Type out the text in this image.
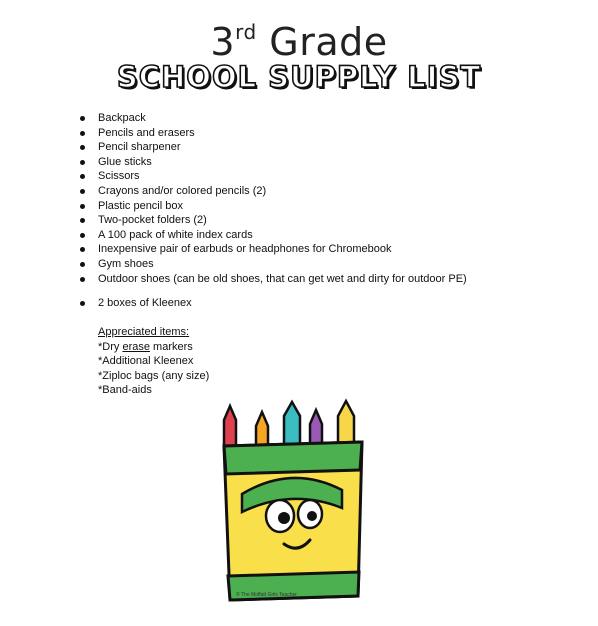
3rd Grade
SCHOOL SUPPLY LIST
Backpack
Pencils and erasers
Pencil sharpener
Glue sticks
Scissors
Crayons and/or colored pencils (2)
Plastic pencil box
Two-pocket folders (2)
A 100 pack of white index cards
Inexpensive pair of earbuds or headphones for Chromebook
Gym shoes
Outdoor shoes (can be old shoes, that can get wet and dirty for outdoor PE)
2 boxes of Kleenex
Appreciated items:
*Dry erase markers
*Additional Kleenex
*Ziploc bags (any size)
*Band-aids
© The Moffatt Girls Teacher
